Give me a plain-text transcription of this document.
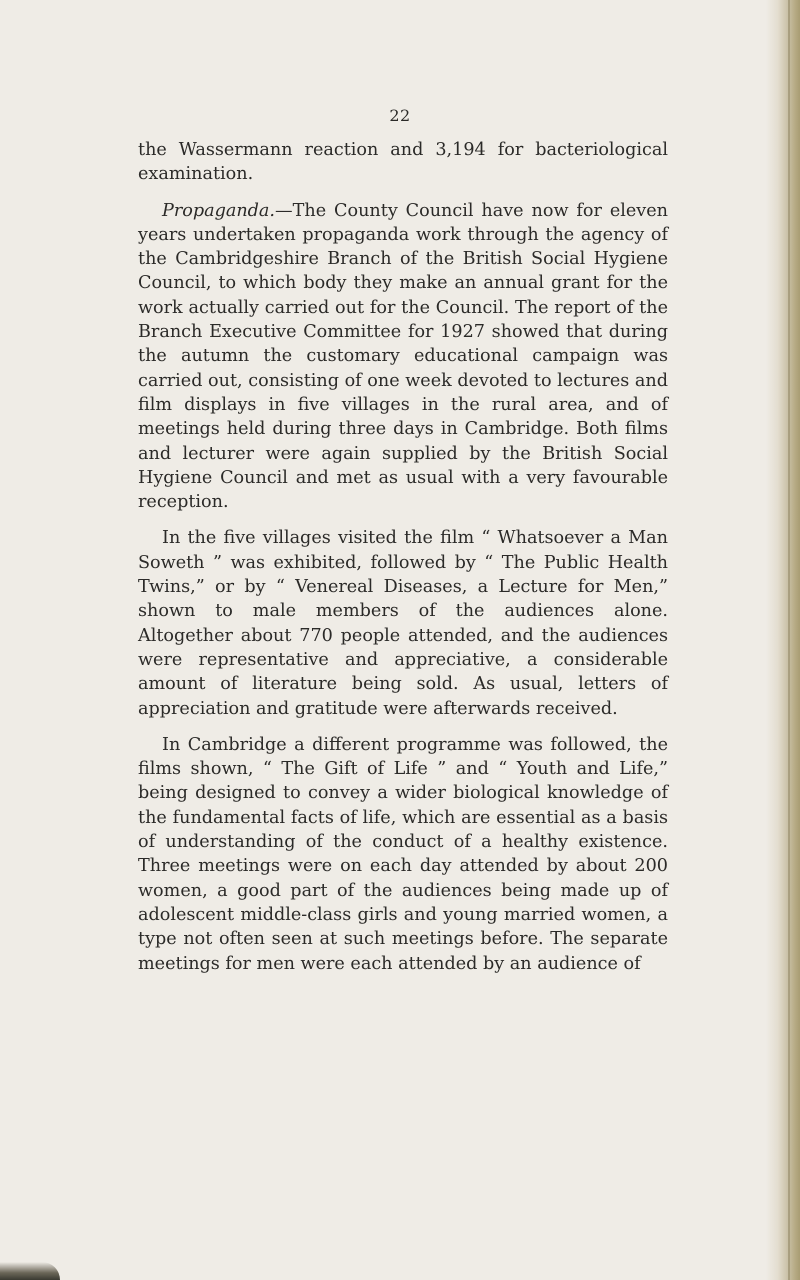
22

the Wassermann reaction and 3,194 for bacteriological examination.

Propaganda.—The County Council have now for eleven years undertaken propaganda work through the agency of the Cambridgeshire Branch of the British Social Hygiene Council, to which body they make an annual grant for the work actually carried out for the Council. The report of the Branch Executive Committee for 1927 showed that during the autumn the customary educational campaign was carried out, consisting of one week devoted to lectures and film displays in five villages in the rural area, and of meetings held during three days in Cambridge. Both films and lecturer were again supplied by the British Social Hygiene Council and met as usual with a very favourable reception.

In the five villages visited the film “ Whatsoever a Man Soweth ” was exhibited, followed by “ The Public Health Twins,” or by “ Venereal Diseases, a Lecture for Men,” shown to male members of the audiences alone. Altogether about 770 people attended, and the audiences were representative and appreciative, a considerable amount of literature being sold. As usual, letters of appreciation and gratitude were afterwards received.

In Cambridge a different programme was followed, the films shown, “ The Gift of Life ” and “ Youth and Life,” being designed to convey a wider biological knowledge of the fundamental facts of life, which are essential as a basis of understanding of the conduct of a healthy existence. Three meetings were on each day attended by about 200 women, a good part of the audiences being made up of adolescent middle-class girls and young married women, a type not often seen at such meetings before. The separate meetings for men were each attended by an audience of
